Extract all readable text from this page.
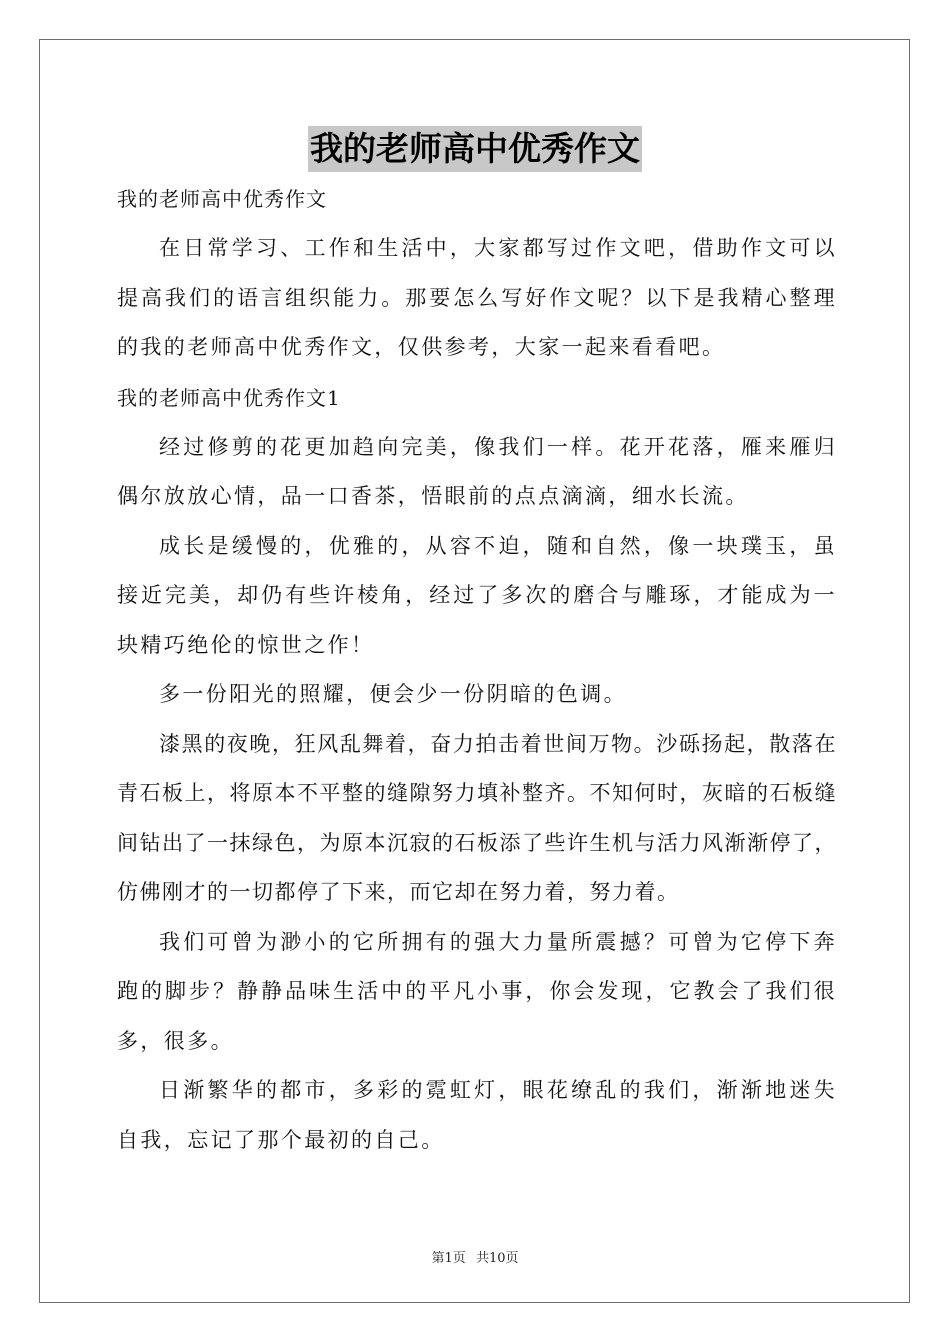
我的老师高中优秀作文

我的老师高中优秀作文

在日常学习、工作和生活中，大家都写过作文吧，借助作文可以提高我们的语言组织能力。那要怎么写好作文呢？以下是我精心整理的我的老师高中优秀作文，仅供参考，大家一起来看看吧。

我的老师高中优秀作文1

经过修剪的花更加趋向完美，像我们一样。花开花落，雁来雁归偶尔放放心情，品一口香茶，悟眼前的点点滴滴，细水长流。

成长是缓慢的，优雅的，从容不迫，随和自然，像一块璞玉，虽接近完美，却仍有些许棱角，经过了多次的磨合与雕琢，才能成为一块精巧绝伦的惊世之作！

多一份阳光的照耀，便会少一份阴暗的色调。

漆黑的夜晚，狂风乱舞着，奋力拍击着世间万物。沙砾扬起，散落在青石板上，将原本不平整的缝隙努力填补整齐。不知何时，灰暗的石板缝间钻出了一抹绿色，为原本沉寂的石板添了些许生机与活力风渐渐停了，仿佛刚才的一切都停了下来，而它却在努力着，努力着。

我们可曾为渺小的它所拥有的强大力量所震撼？可曾为它停下奔跑的脚步？静静品味生活中的平凡小事，你会发现，它教会了我们很多，很多。

日渐繁华的都市，多彩的霓虹灯，眼花缭乱的我们，渐渐地迷失自我，忘记了那个最初的自己。

第1页 共10页
